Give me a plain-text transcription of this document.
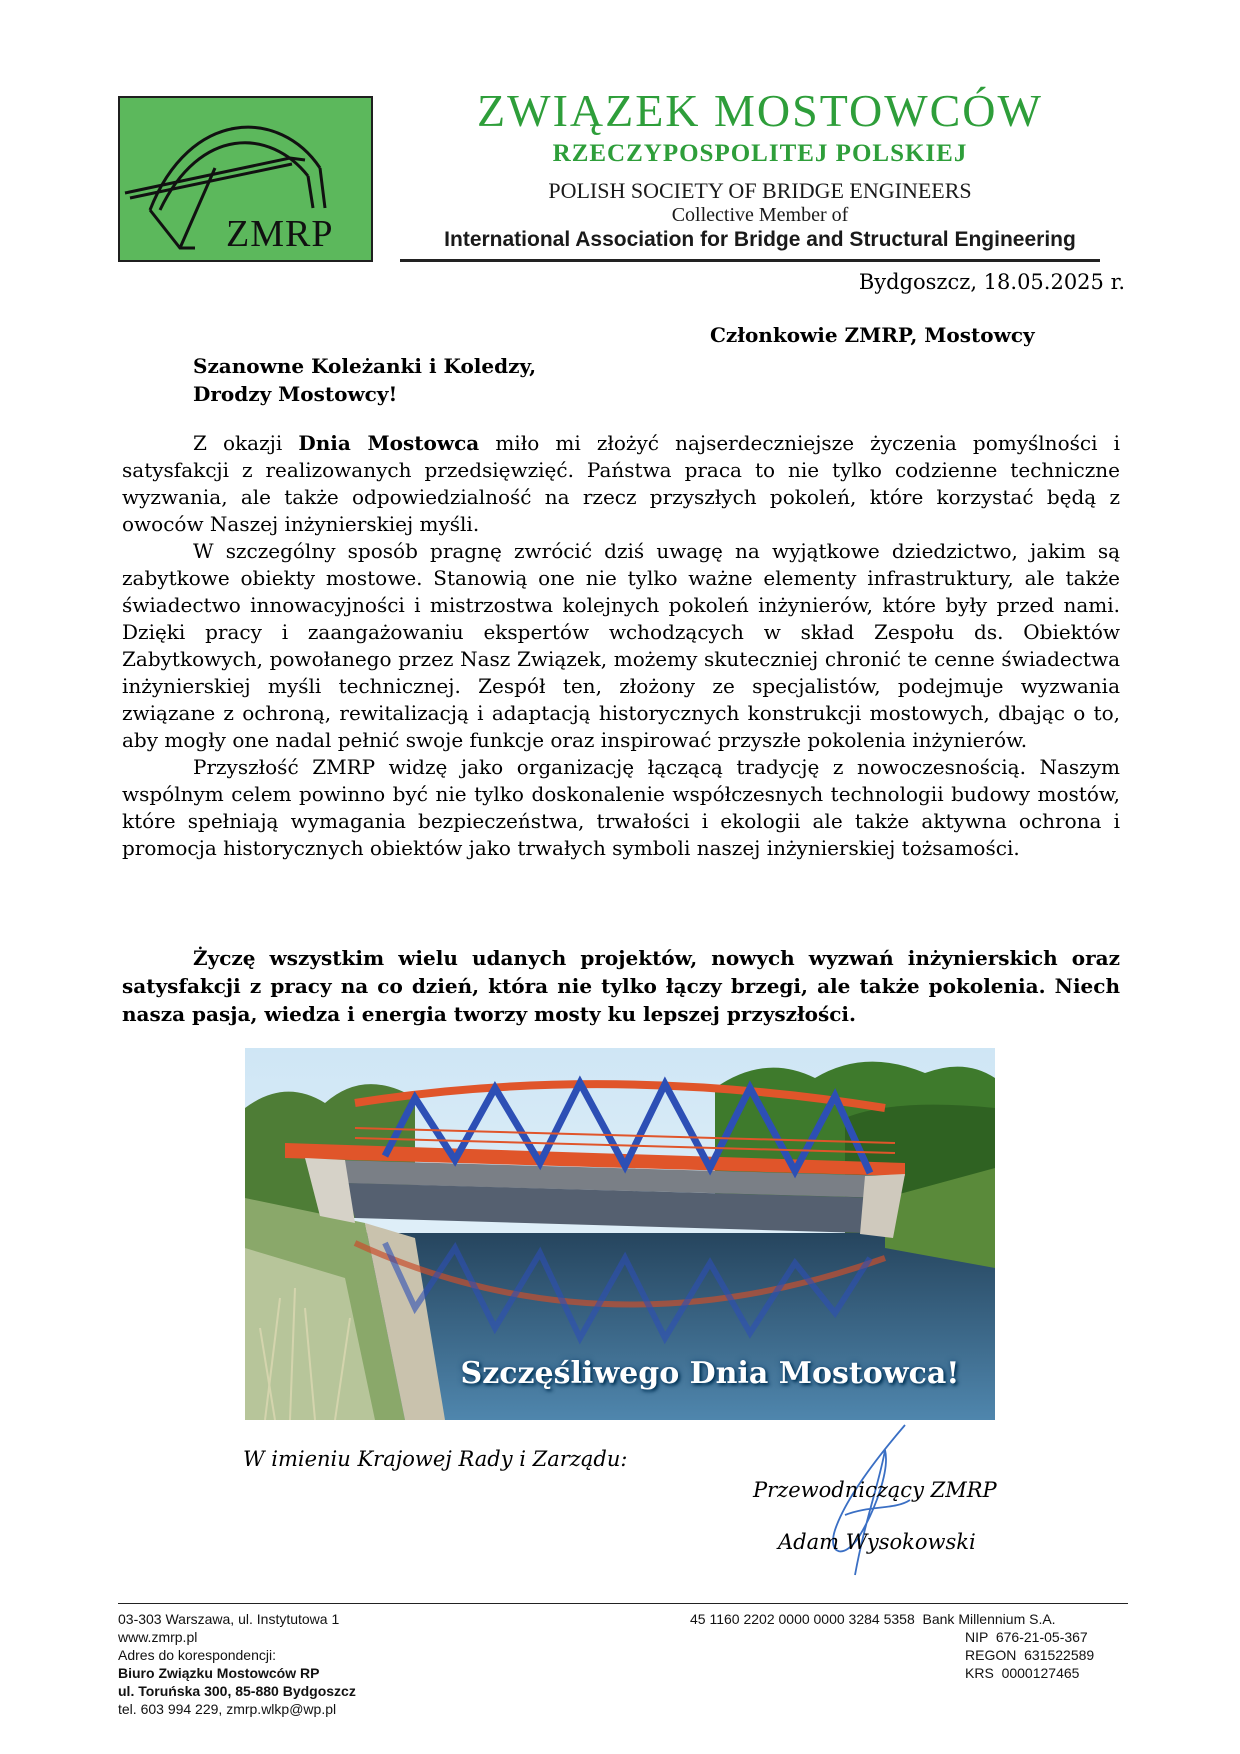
ZMRP
ZWIĄZEK MOSTOWCÓW
RZECZYPOSPOLITEJ POLSKIEJ
POLISH SOCIETY OF BRIDGE ENGINEERS
Collective Member of
International Association for Bridge and Structural Engineering
Bydgoszcz, 18.05.2025 r.
Członkowie ZMRP, Mostowcy
Szanowne Koleżanki i Koledzy,
Drodzy Mostowcy!

Z okazji Dnia Mostowca miło mi złożyć najserdeczniejsze życzenia pomyślności i satysfakcji z realizowanych przedsięwzięć. Państwa praca to nie tylko codzienne techniczne wyzwania, ale także odpowiedzialność na rzecz przyszłych pokoleń, które korzystać będą z owoców Naszej inżynierskiej myśli.

W szczególny sposób pragnę zwrócić dziś uwagę na wyjątkowe dziedzictwo, jakim są zabytkowe obiekty mostowe. Stanowią one nie tylko ważne elementy infrastruktury, ale także świadectwo innowacyjności i mistrzostwa kolejnych pokoleń inżynierów, które były przed nami. Dzięki pracy i zaangażowaniu ekspertów wchodzących w skład Zespołu ds. Obiektów Zabytkowych, powołanego przez Nasz Związek, możemy skuteczniej chronić te cenne świadectwa inżynierskiej myśli technicznej. Zespół ten, złożony ze specjalistów, podejmuje wyzwania związane z ochroną, rewitalizacją i adaptacją historycznych konstrukcji mostowych, dbając o to, aby mogły one nadal pełnić swoje funkcje oraz inspirować przyszłe pokolenia inżynierów.

Przyszłość ZMRP widzę jako organizację łączącą tradycję z nowoczesnością. Naszym wspólnym celem powinno być nie tylko doskonalenie współczesnych technologii budowy mostów, które spełniają wymagania bezpieczeństwa, trwałości i ekologii ale także aktywna ochrona i promocja historycznych obiektów jako trwałych symboli naszej inżynierskiej tożsamości.

Życzę wszystkim wielu udanych projektów, nowych wyzwań inżynierskich oraz satysfakcji z pracy na co dzień, która nie tylko łączy brzegi, ale także pokolenia. Niech nasza pasja, wiedza i energia tworzy mosty ku lepszej przyszłości.
Szczęśliwego Dnia Mostowca!
W imieniu Krajowej Rady i Zarządu:
Przewodniczący ZMRP
Adam Wysokowski
03-303 Warszawa, ul. Instytutowa 1
www.zmrp.pl
Adres do korespondencji:
Biuro Związku Mostowców RP
ul. Toruńska 300, 85-880 Bydgoszcz
tel. 603 994 229, zmrp.wlkp@wp.pl
45 1160 2202 0000 0000 3284 5358  Bank Millennium S.A.
NIP  676-21-05-367
REGON  631522589
KRS  0000127465
